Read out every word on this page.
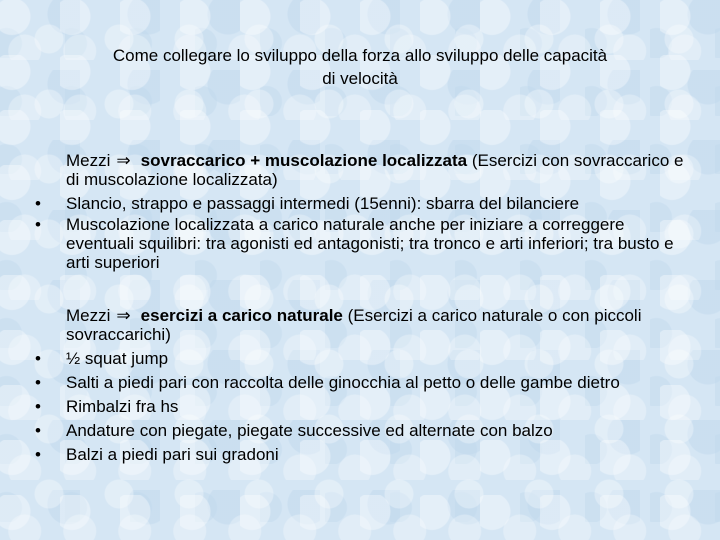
Come collegare lo sviluppo della forza allo sviluppo delle capacità
di velocità
Mezzi ⇒ sovraccarico + muscolazione localizzata (Esercizi con sovraccarico e di muscolazione localizzata)
• Slancio, strappo e passaggi intermedi (15enni): sbarra del bilanciere
• Muscolazione localizzata a carico naturale anche per iniziare a correggere eventuali squilibri: tra agonisti ed antagonisti; tra tronco e arti inferiori; tra busto e arti superiori
Mezzi ⇒ esercizi a carico naturale (Esercizi a carico naturale o con piccoli sovraccarichi)
• ½ squat jump
• Salti a piedi pari con raccolta delle ginocchia al petto o delle gambe dietro
• Rimbalzi fra hs
• Andature con piegate, piegate successive ed alternate con balzo
• Balzi a piedi pari sui gradoni
